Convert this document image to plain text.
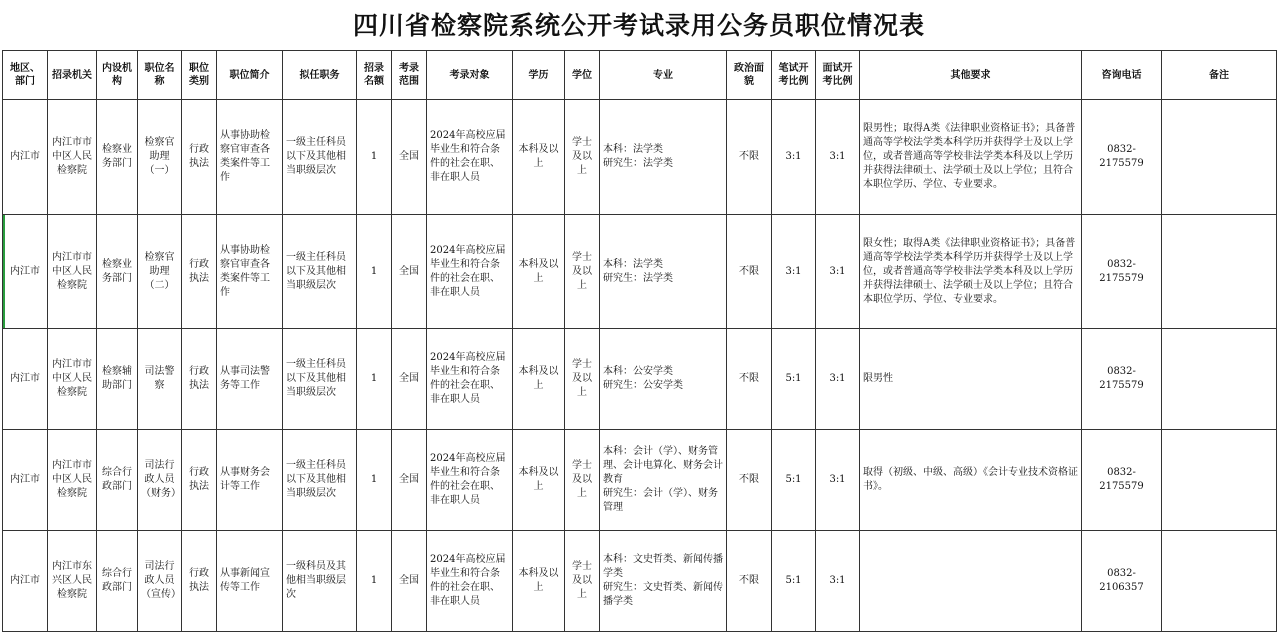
四川省检察院系统公开考试录用公务员职位情况表
地区、部门	招录机关	内设机构	职位名称	职位类别	职位简介	拟任职务	招录名额	考录范围	考录对象	学历	学位	专业	政治面貌	笔试开考比例	面试开考比例	其他要求	咨询电话	备注
内江市	内江市市中区人民检察院	检察业务部门	检察官助理（一）	行政执法	从事协助检察官审查各类案件等工作	一级主任科员以下及其他相当职级层次	1	全国	2024年高校应届毕业生和符合条件的社会在职、非在职人员	本科及以上	学士及以上	本科：法学类
研究生：法学类	不限	3:1	3:1	限男性；取得A类《法律职业资格证书》；具备普通高等学校法学类本科学历并获得学士及以上学位，或者普通高等学校非法学类本科及以上学历并获得法律硕士、法学硕士及以上学位；且符合本职位学历、学位、专业要求。	0832-2175579	
内江市	内江市市中区人民检察院	检察业务部门	检察官助理（二）	行政执法	从事协助检察官审查各类案件等工作	一级主任科员以下及其他相当职级层次	1	全国	2024年高校应届毕业生和符合条件的社会在职、非在职人员	本科及以上	学士及以上	本科：法学类
研究生：法学类	不限	3:1	3:1	限女性；取得A类《法律职业资格证书》；具备普通高等学校法学类本科学历并获得学士及以上学位，或者普通高等学校非法学类本科及以上学历并获得法律硕士、法学硕士及以上学位；且符合本职位学历、学位、专业要求。	0832-2175579	
内江市	内江市市中区人民检察院	检察辅助部门	司法警察	行政执法	从事司法警务等工作	一级主任科员以下及其他相当职级层次	1	全国	2024年高校应届毕业生和符合条件的社会在职、非在职人员	本科及以上	学士及以上	本科：公安学类
研究生：公安学类	不限	5:1	3:1	限男性	0832-2175579	
内江市	内江市市中区人民检察院	综合行政部门	司法行政人员（财务）	行政执法	从事财务会计等工作	一级主任科员以下及其他相当职级层次	1	全国	2024年高校应届毕业生和符合条件的社会在职、非在职人员	本科及以上	学士及以上	本科：会计（学）、财务管理、会计电算化、财务会计教育
研究生：会计（学）、财务管理	不限	5:1	3:1	取得（初级、中级、高级）《会计专业技术资格证书》。	0832-2175579	
内江市	内江市东兴区人民检察院	综合行政部门	司法行政人员（宣传）	行政执法	从事新闻宣传等工作	一级科员及其他相当职级层次	1	全国	2024年高校应届毕业生和符合条件的社会在职、非在职人员	本科及以上	学士及以上	本科：文史哲类、新闻传播学类
研究生：文史哲类、新闻传播学类	不限	5:1	3:1		0832-2106357	
